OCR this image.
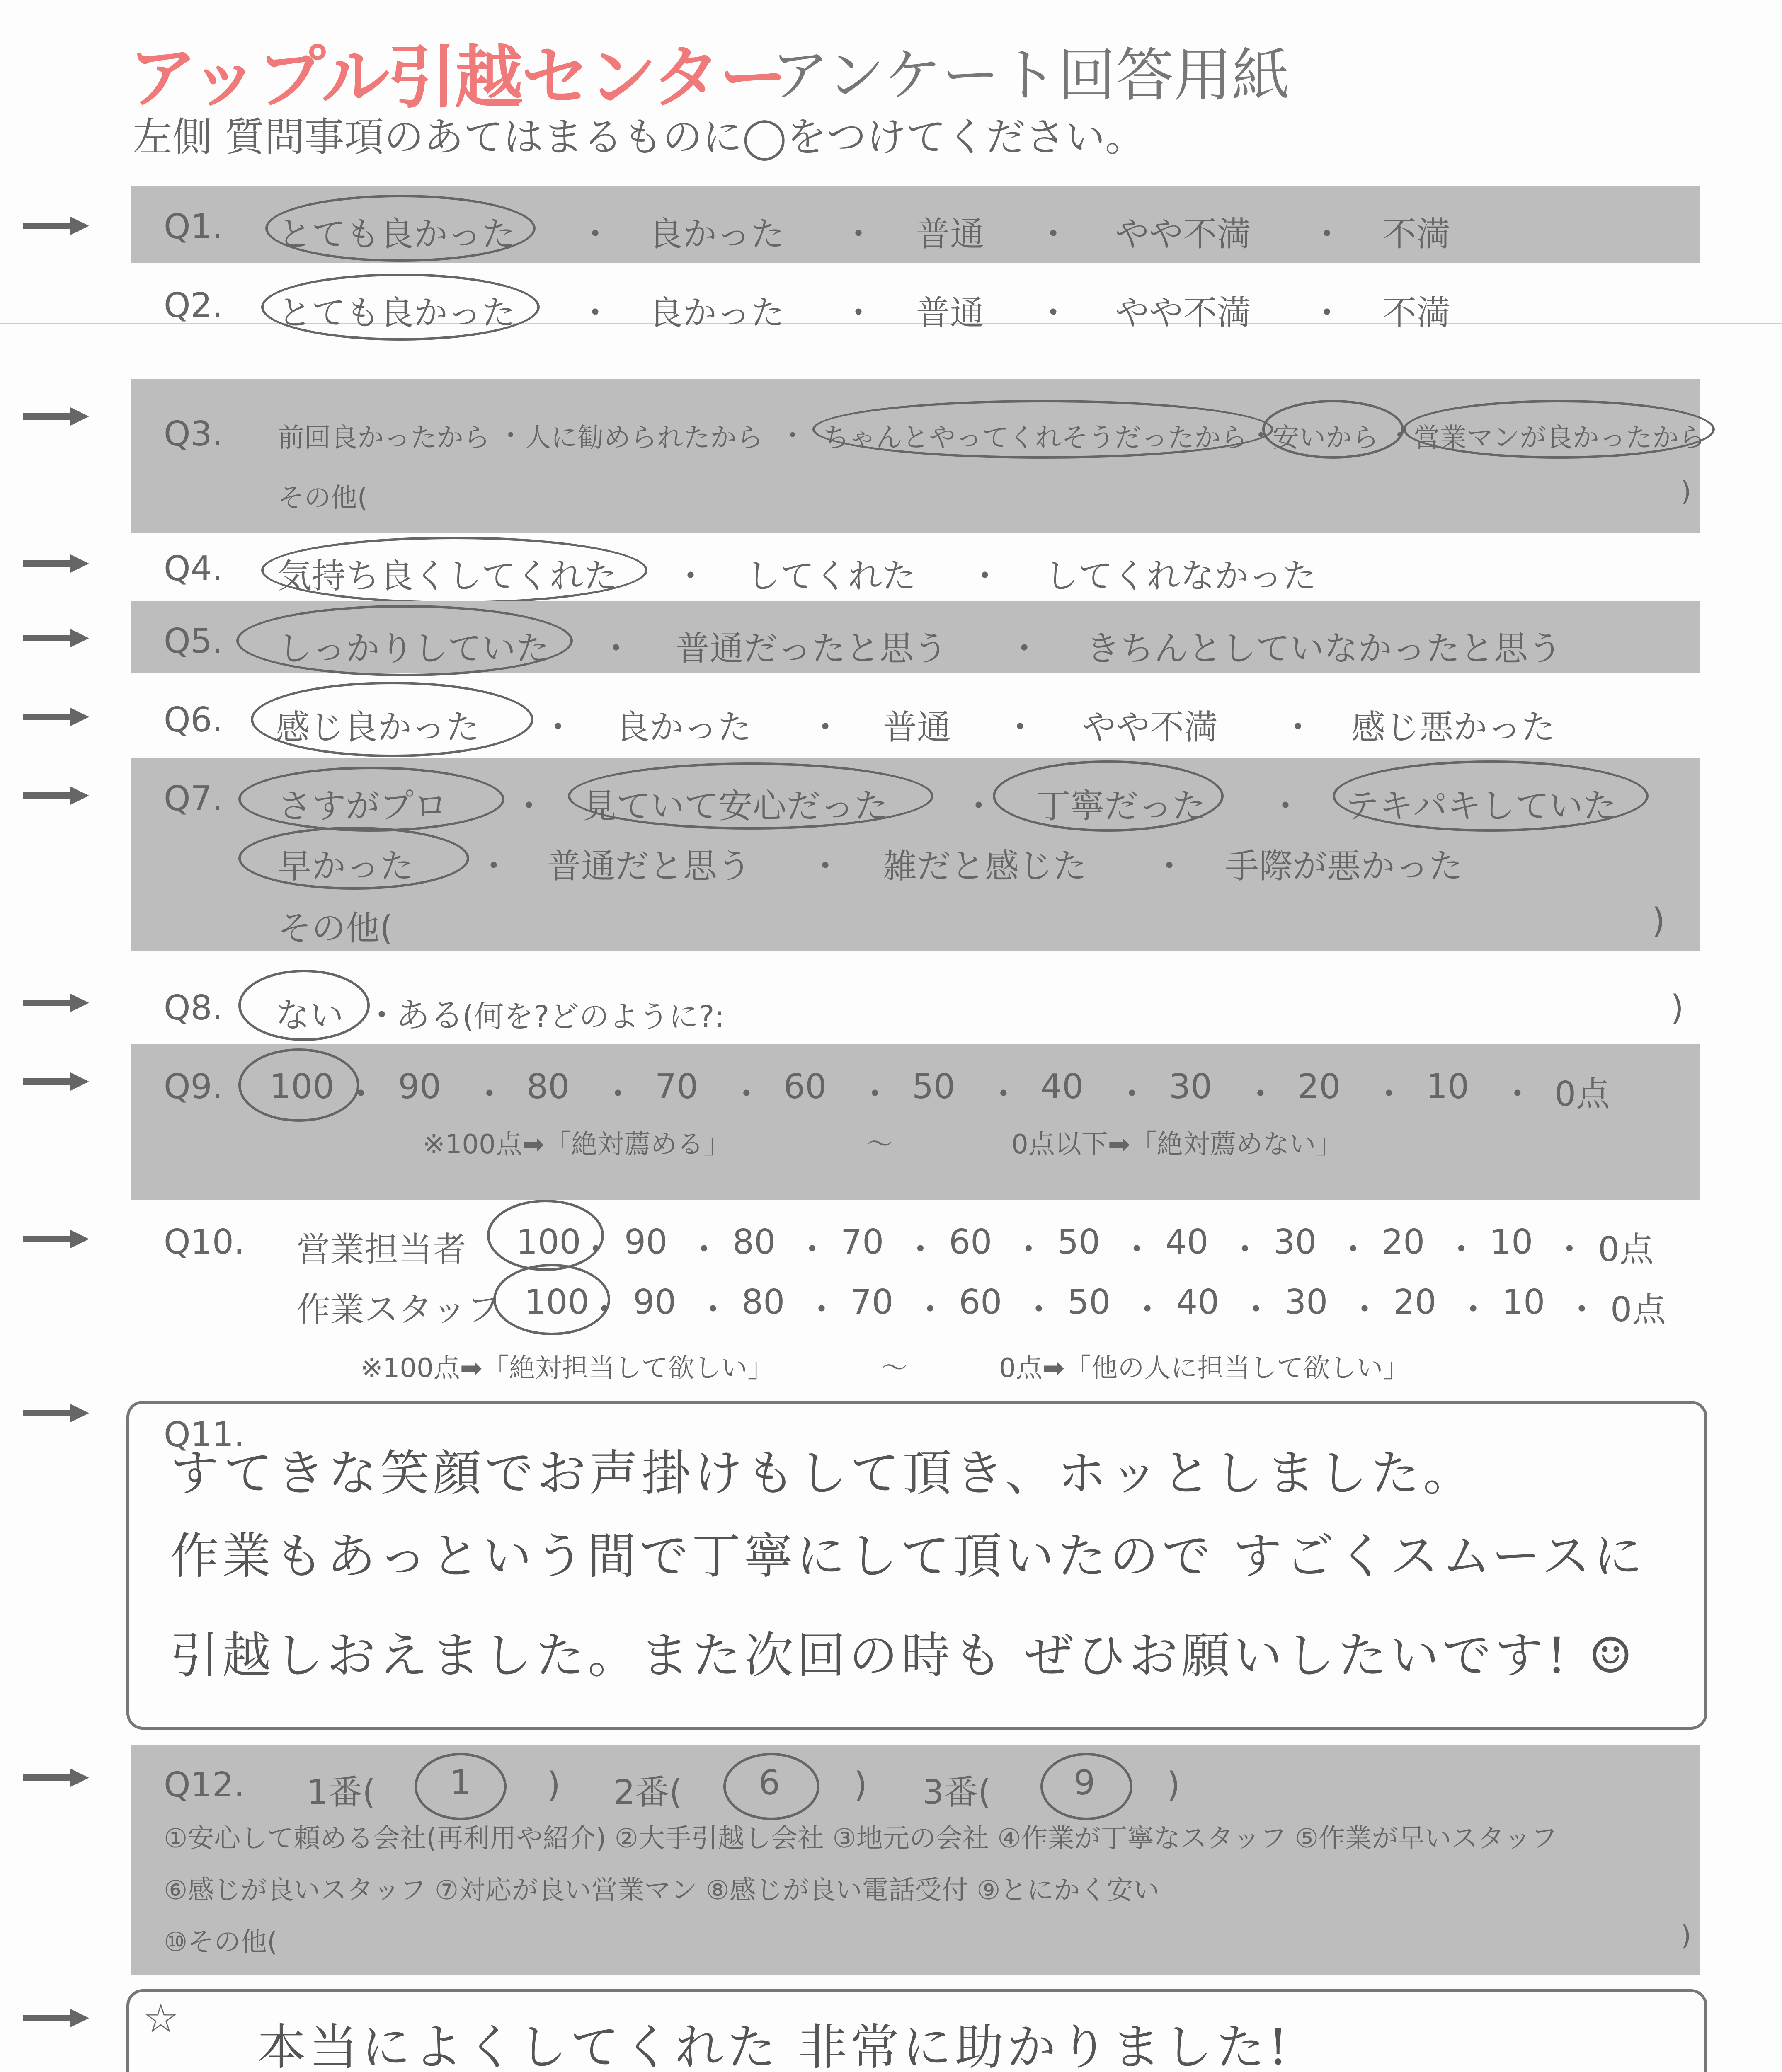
アップル引越センター
アンケート回答用紙
左側 質問事項のあてはまるものに◯をつけてください。
Q1. とても良かった ・ 良かった ・ 普通 ・ やや不満 ・ 不満
Q2. とても良かった ・ 良かった ・ 普通 ・ やや不満 ・ 不満
Q3. 前回良かったから ・ 人に勧められたから ・ ちゃんとやってくれそうだったから ・
安いから ・ 営業マンが良かったから
その他(	)
Q4. 気持ち良くしてくれた ・ してくれた ・ してくれなかった
Q5. しっかりしていた ・ 普通だったと思う ・ きちんとしていなかったと思う
Q6. 感じ良かった ・ 良かった ・ 普通 ・ やや不満 ・ 感じ悪かった
Q7. さすがプロ ・ 見ていて安心だった ・ 丁寧だった ・ テキパキしていた
早かった ・ 普通だと思う ・ 雑だと感じた ・ 手際が悪かった
その他(	)
Q8. ない ・
ある
(何を?どのように?:	)
Q9. 100 ・ 90 ・ 80 ・ 70 ・ 60 ・ 50 ・ 40 ・ 30 ・ 20 ・ 10 ・ 0点
※100点➡「絶対薦める」	〜	0点以下➡「絶対薦めない」
Q10. 営業担当者 100
・ 90 ・ 80 ・ 70 ・ 60 ・ 50 ・ 40 ・ 30 ・ 20 ・ 10 ・ 0点
作業スタッフ 100
・ 90 ・ 80 ・ 70 ・ 60 ・ 50 ・ 40 ・ 30 ・ 20 ・ 10 ・ 0点
※100点➡「絶対担当して欲しい」	〜	0点➡「他の人に担当して欲しい」
Q11.
すてきな笑顔でお声掛けもして頂き、ホッとしました。
作業もあっという間で丁寧にして頂いたので すごくスムースに
引越しおえました。また次回の時も ぜひお願いしたいです! ☺
Q12. 1番( 1 ) 2番( 6 ) 3番( 9 )
①安心して頼める会社(再利用や紹介) ②大手引越し会社 ③地元の会社 ④作業が丁寧なスタッフ ⑤作業が早いスタッフ
⑥感じが良いスタッフ ⑦対応が良い営業マン ⑧感じが良い電話受付 ⑨とにかく安い
⑩その他(	)
☆ 本当によくしてくれた 非常に助かりました!
